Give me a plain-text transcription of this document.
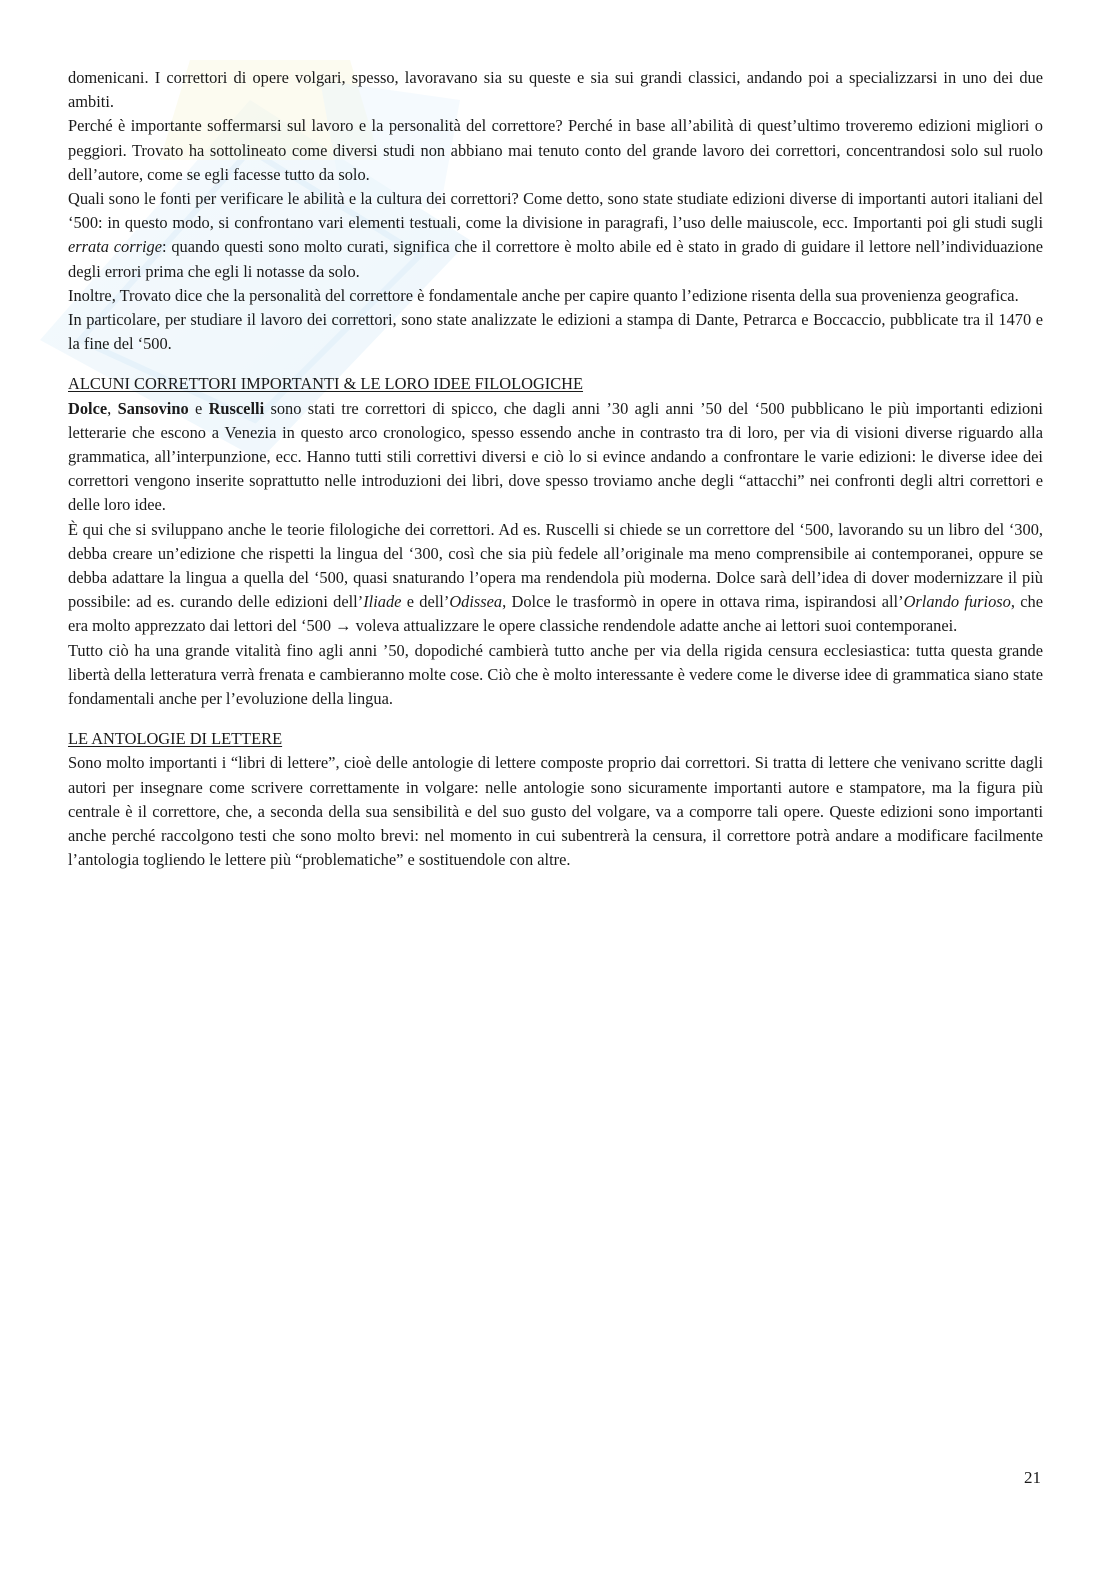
domenicani. I correttori di opere volgari, spesso, lavoravano sia su queste e sia sui grandi classici, andando poi a specializzarsi in uno dei due ambiti.

Perché è importante soffermarsi sul lavoro e la personalità del correttore? Perché in base all’abilità di quest’ultimo troveremo edizioni migliori o peggiori. Trovato ha sottolineato come diversi studi non abbiano mai tenuto conto del grande lavoro dei correttori, concentrandosi solo sul ruolo dell’autore, come se egli facesse tutto da solo.

Quali sono le fonti per verificare le abilità e la cultura dei correttori? Come detto, sono state studiate edizioni diverse di importanti autori italiani del ‘500: in questo modo, si confrontano vari elementi testuali, come la divisione in paragrafi, l’uso delle maiuscole, ecc. Importanti poi gli studi sugli errata corrige: quando questi sono molto curati, significa che il correttore è molto abile ed è stato in grado di guidare il lettore nell’individuazione degli errori prima che egli li notasse da solo.

Inoltre, Trovato dice che la personalità del correttore è fondamentale anche per capire quanto l’edizione risenta della sua provenienza geografica.

In particolare, per studiare il lavoro dei correttori, sono state analizzate le edizioni a stampa di Dante, Petrarca e Boccaccio, pubblicate tra il 1470 e la fine del ‘500.

ALCUNI CORRETTORI IMPORTANTI & LE LORO IDEE FILOLOGICHE

Dolce, Sansovino e Ruscelli sono stati tre correttori di spicco, che dagli anni ’30 agli anni ’50 del ‘500 pubblicano le più importanti edizioni letterarie che escono a Venezia in questo arco cronologico, spesso essendo anche in contrasto tra di loro, per via di visioni diverse riguardo alla grammatica, all’interpunzione, ecc. Hanno tutti stili correttivi diversi e ciò lo si evince andando a confrontare le varie edizioni: le diverse idee dei correttori vengono inserite soprattutto nelle introduzioni dei libri, dove spesso troviamo anche degli “attacchi” nei confronti degli altri correttori e delle loro idee.

È qui che si sviluppano anche le teorie filologiche dei correttori. Ad es. Ruscelli si chiede se un correttore del ‘500, lavorando su un libro del ‘300, debba creare un’edizione che rispetti la lingua del ‘300, così che sia più fedele all’originale ma meno comprensibile ai contemporanei, oppure se debba adattare la lingua a quella del ‘500, quasi snaturando l’opera ma rendendola più moderna. Dolce sarà dell’idea di dover modernizzare il più possibile: ad es. curando delle edizioni dell’Iliade e dell’Odissea, Dolce le trasformò in opere in ottava rima, ispirandosi all’Orlando furioso, che era molto apprezzato dai lettori del ‘500 → voleva attualizzare le opere classiche rendendole adatte anche ai lettori suoi contemporanei.

Tutto ciò ha una grande vitalità fino agli anni ’50, dopodiché cambierà tutto anche per via della rigida censura ecclesiastica: tutta questa grande libertà della letteratura verrà frenata e cambieranno molte cose. Ciò che è molto interessante è vedere come le diverse idee di grammatica siano state fondamentali anche per l’evoluzione della lingua.

LE ANTOLOGIE DI LETTERE

Sono molto importanti i “libri di lettere”, cioè delle antologie di lettere composte proprio dai correttori. Si tratta di lettere che venivano scritte dagli autori per insegnare come scrivere correttamente in volgare: nelle antologie sono sicuramente importanti autore e stampatore, ma la figura più centrale è il correttore, che, a seconda della sua sensibilità e del suo gusto del volgare, va a comporre tali opere. Queste edizioni sono importanti anche perché raccolgono testi che sono molto brevi: nel momento in cui subentrerà la censura, il correttore potrà andare a modificare facilmente l’antologia togliendo le lettere più “problematiche” e sostituendole con altre.

21
